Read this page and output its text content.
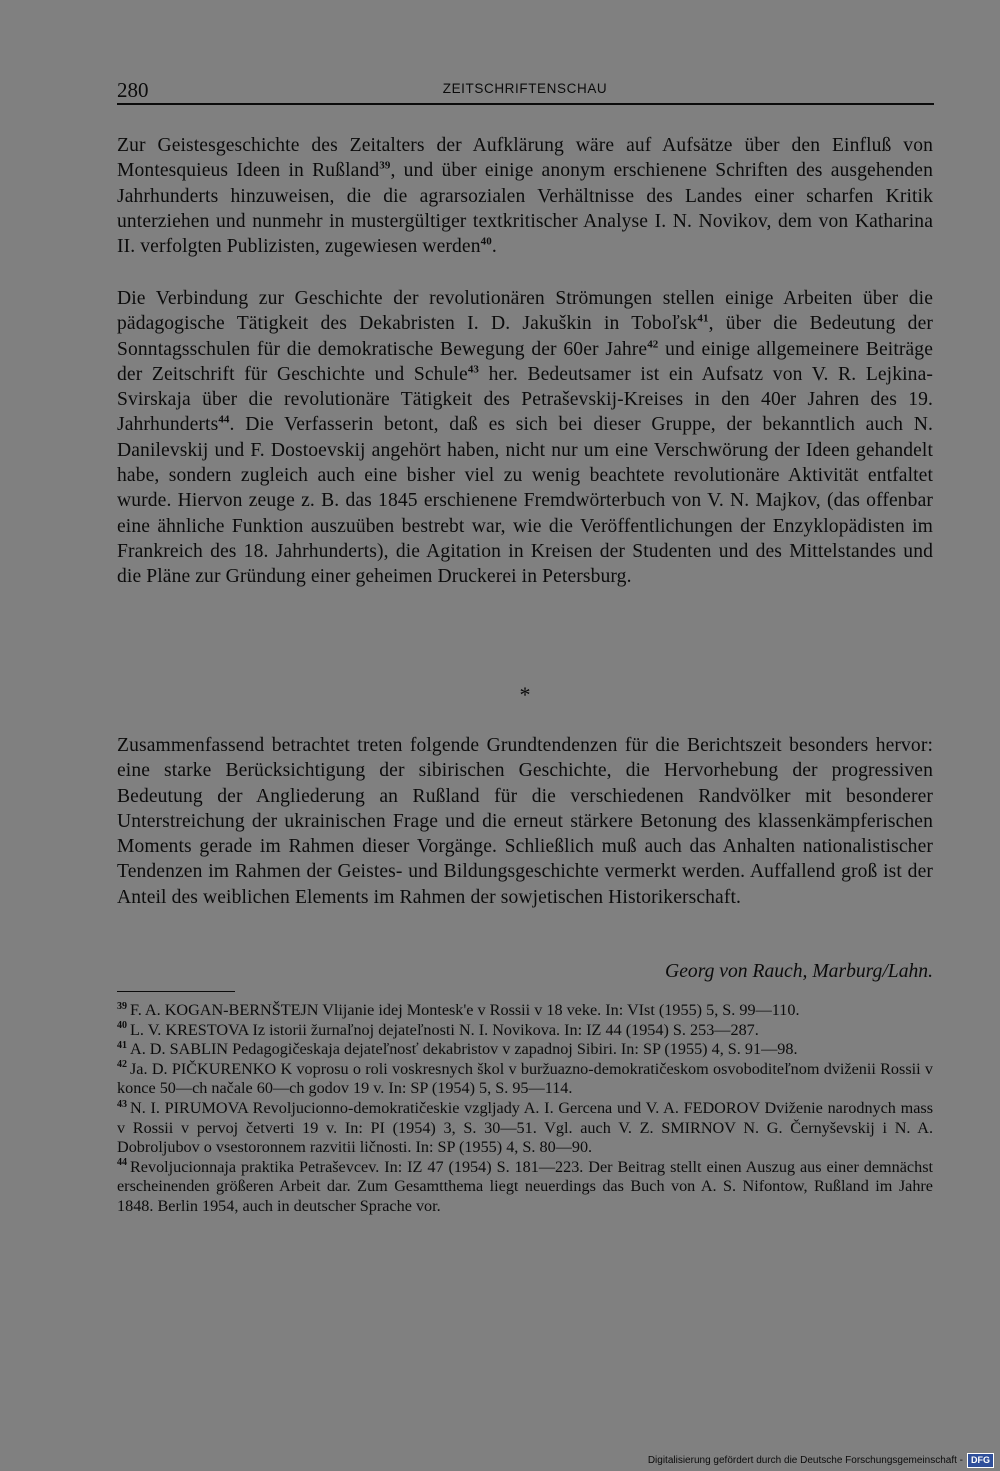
280	ZEITSCHRIFTENSCHAU

Zur Geistesgeschichte des Zeitalters der Aufklärung wäre auf Aufsätze über den Einfluß von Montesquieus Ideen in Rußland$^{39}$, und über einige anonym erschienene Schriften des ausgehenden Jahrhunderts hinzuweisen, die die agrarsozialen Verhältnisse des Landes einer scharfen Kritik unterziehen und nunmehr in mustergültiger textkritischer Analyse I. N. Novikov, dem von Katharina II. verfolgten Publizisten, zugewiesen werden$^{40}$.

Die Verbindung zur Geschichte der revolutionären Strömungen stellen einige Arbeiten über die pädagogische Tätigkeit des Dekabristen I. D. Jakuškin in Toboľsk$^{41}$, über die Bedeutung der Sonntagsschulen für die demokratische Bewegung der 60er Jahre$^{42}$ und einige allgemeinere Beiträge der Zeitschrift für Geschichte und Schule$^{43}$ her. Bedeutsamer ist ein Aufsatz von V. R. Lejkina-Svirskaja über die revolutionäre Tätigkeit des Petraševskij-Kreises in den 40er Jahren des 19. Jahrhunderts$^{44}$. Die Verfasserin betont, daß es sich bei dieser Gruppe, der bekanntlich auch N. Danilevskij und F. Dostoevskij angehört haben, nicht nur um eine Verschwörung der Ideen gehandelt habe, sondern zugleich auch eine bisher viel zu wenig beachtete revolutionäre Aktivität entfaltet wurde. Hiervon zeuge z. B. das 1845 erschienene Fremdwörterbuch von V. N. Majkov, (das offenbar eine ähnliche Funktion auszuüben bestrebt war, wie die Veröffentlichungen der Enzyklopädisten im Frankreich des 18. Jahrhunderts), die Agitation in Kreisen der Studenten und des Mittelstandes und die Pläne zur Gründung einer geheimen Druckerei in Petersburg.

*

Zusammenfassend betrachtet treten folgende Grundtendenzen für die Berichtszeit besonders hervor: eine starke Berücksichtigung der sibirischen Geschichte, die Hervorhebung der progressiven Bedeutung der Angliederung an Rußland für die verschiedenen Randvölker mit besonderer Unterstreichung der ukrainischen Frage und die erneut stärkere Betonung des klassenkämpferischen Moments gerade im Rahmen dieser Vorgänge. Schließlich muß auch das Anhalten nationalistischer Tendenzen im Rahmen der Geistes- und Bildungsgeschichte vermerkt werden. Auffallend groß ist der Anteil des weiblichen Elements im Rahmen der sowjetischen Historikerschaft.

Georg von Rauch, Marburg/Lahn.

$^{39}$ F. A. KOGAN-BERNŠTEJN Vlijanie idej Montesk'e v Rossii v 18 veke. In: VIst (1955) 5, S. 99—110.

$^{40}$ L. V. KRESTOVA Iz istorii žurnaľnoj dejateľnosti N. I. Novikova. In: IZ 44 (1954) S. 253—287.

$^{41}$ A. D. SABLIN Pedagogičeskaja dejateľnosť dekabristov v zapadnoj Sibiri. In: SP (1955) 4, S. 91—98.

$^{42}$ Ja. D. PIČKURENKO K voprosu o roli voskresnych škol v buržuazno-demokratičeskom osvoboditeľnom dviženii Rossii v konce 50—ch načale 60—ch godov 19 v. In: SP (1954) 5, S. 95—114.

$^{43}$ N. I. PIRUMOVA Revoljucionno-demokratičeskie vzgljady A. I. Gercena und V. A. FEDOROV Dviženie narodnych mass v Rossii v pervoj četverti 19 v. In: PI (1954) 3, S. 30—51. Vgl. auch V. Z. SMIRNOV N. G. Černyševskij i N. A. Dobroljubov o vsestoronnem razvitii ličnosti. In: SP (1955) 4, S. 80—90.

$^{44}$ Revoljucionnaja praktika Petraševcev. In: IZ 47 (1954) S. 181—223. Der Beitrag stellt einen Auszug aus einer demnächst erscheinenden größeren Arbeit dar. Zum Gesamtthema liegt neuerdings das Buch von A. S. Nifontow, Rußland im Jahre 1848. Berlin 1954, auch in deutscher Sprache vor.

Digitalisierung gefördert durch die Deutsche Forschungsgemeinschaft - DFG
